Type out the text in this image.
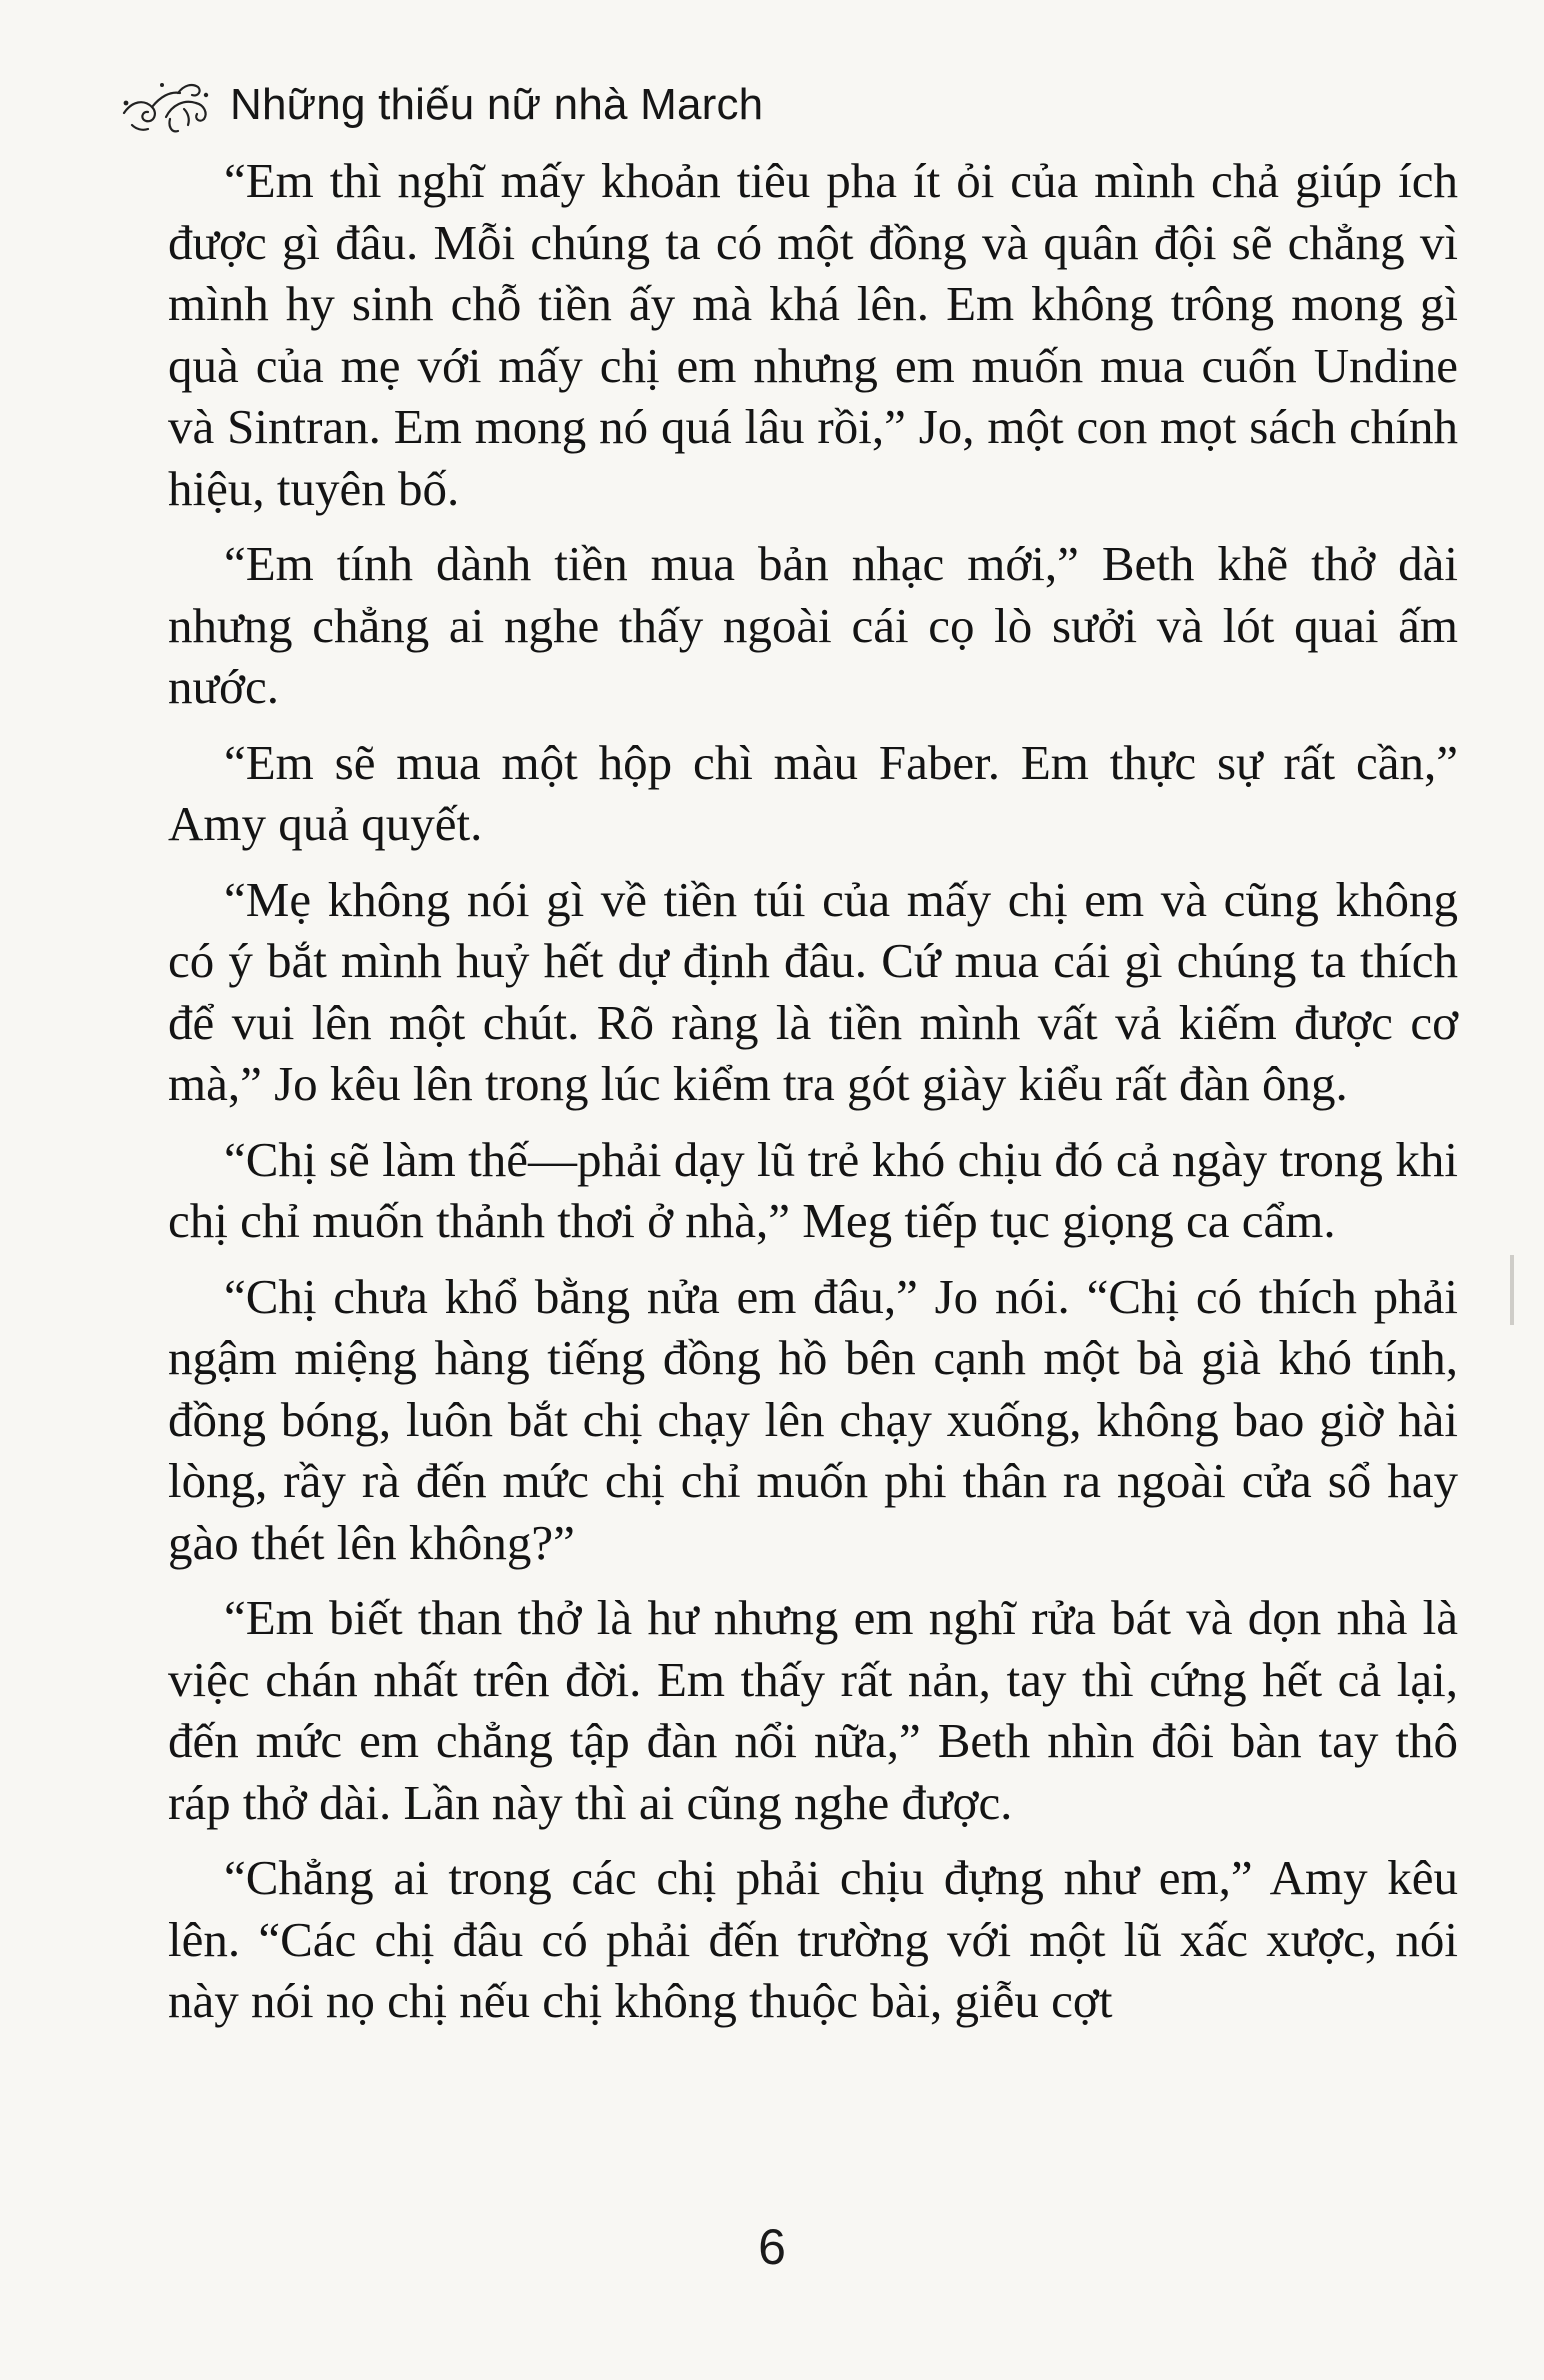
Những thiếu nữ nhà March

“Em thì nghĩ mấy khoản tiêu pha ít ỏi của mình chả giúp ích được gì đâu. Mỗi chúng ta có một đồng và quân đội sẽ chẳng vì mình hy sinh chỗ tiền ấy mà khá lên. Em không trông mong gì quà của mẹ với mấy chị em nhưng em muốn mua cuốn Undine và Sintran. Em mong nó quá lâu rồi,” Jo, một con mọt sách chính hiệu, tuyên bố.

“Em tính dành tiền mua bản nhạc mới,” Beth khẽ thở dài nhưng chẳng ai nghe thấy ngoài cái cọ lò sưởi và lót quai ấm nước.

“Em sẽ mua một hộp chì màu Faber. Em thực sự rất cần,” Amy quả quyết.

“Mẹ không nói gì về tiền túi của mấy chị em và cũng không có ý bắt mình huỷ hết dự định đâu. Cứ mua cái gì chúng ta thích để vui lên một chút. Rõ ràng là tiền mình vất vả kiếm được cơ mà,” Jo kêu lên trong lúc kiểm tra gót giày kiểu rất đàn ông.

“Chị sẽ làm thế—phải dạy lũ trẻ khó chịu đó cả ngày trong khi chị chỉ muốn thảnh thơi ở nhà,” Meg tiếp tục giọng ca cẩm.

“Chị chưa khổ bằng nửa em đâu,” Jo nói. “Chị có thích phải ngậm miệng hàng tiếng đồng hồ bên cạnh một bà già khó tính, đồng bóng, luôn bắt chị chạy lên chạy xuống, không bao giờ hài lòng, rầy rà đến mức chị chỉ muốn phi thân ra ngoài cửa sổ hay gào thét lên không?”

“Em biết than thở là hư nhưng em nghĩ rửa bát và dọn nhà là việc chán nhất trên đời. Em thấy rất nản, tay thì cứng hết cả lại, đến mức em chẳng tập đàn nổi nữa,” Beth nhìn đôi bàn tay thô ráp thở dài. Lần này thì ai cũng nghe được.

“Chẳng ai trong các chị phải chịu đựng như em,” Amy kêu lên. “Các chị đâu có phải đến trường với một lũ xấc xược, nói này nói nọ chị nếu chị không thuộc bài, giễu cợt

6
